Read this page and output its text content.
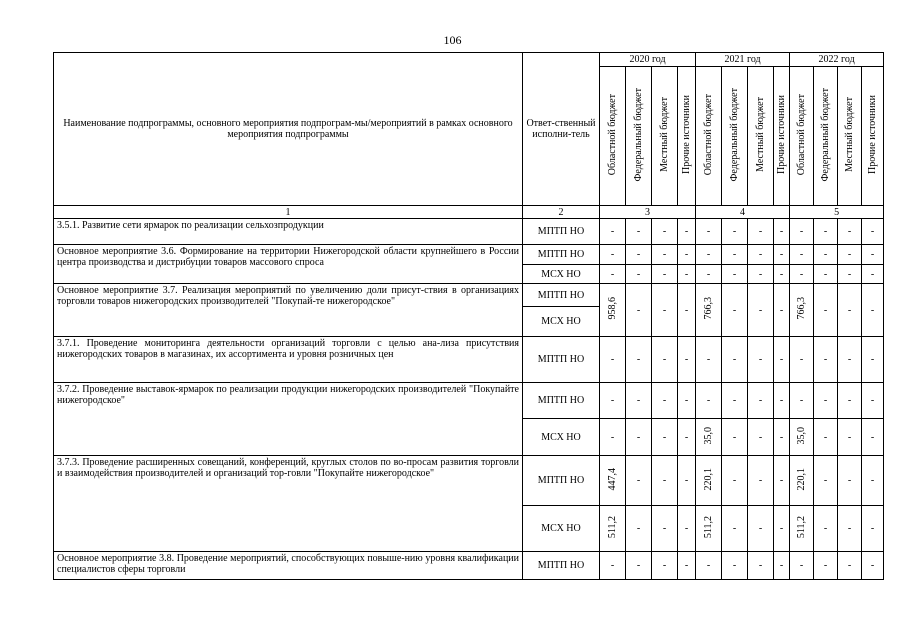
106
Наименование подпрограммы, основного мероприятия подпрограм-мы/мероприятий в рамках основного мероприятия подпрограммы	Ответ-ственный исполни-тель	2020 год				2021 год				2022 год			
		Областной бюджет	Федеральный бюджет	Местный бюджет	Прочие источники	Областной бюджет	Федеральный бюджет	Местный бюджет	Прочие источники	Областной бюджет	Федеральный бюджет	Местный бюджет	Прочие источники
1	2	3				4				5			
3.5.1. Развитие сети ярмарок по реализации сельхозпродукции	МПТП НО	-	-	-	-	-	-	-	-	-	-	-	-
Основное мероприятие 3.6. Формирование на территории Нижегородской области крупнейшего в России центра производства и дистрибуции товаров массового спроса	МПТП НО	-	-	-	-	-	-	-	-	-	-	-	-
	МСХ НО	-	-	-	-	-	-	-	-	-	-	-	-
Основное мероприятие 3.7. Реализация мероприятий по увеличению доли присут-ствия в организациях торговли товаров нижегородских производителей "Покупай-те нижегородское"	МПТП НО	958,6	-	-	-	766,3	-	-	-	766,3	-	-	-
	МСХ НО												
3.7.1. Проведение мониторинга деятельности организаций торговли с целью ана-лиза присутствия нижегородских товаров в магазинах, их ассортимента и уровня розничных цен	МПТП НО	-	-	-	-	-	-	-	-	-	-	-	-
3.7.2. Проведение выставок-ярмарок по реализации продукции нижегородских производителей "Покупайте нижегородское"	МПТП НО	-	-	-	-	-	-	-	-	-	-	-	-
	МСХ НО	-	-	-	-	35,0	-	-	-	35,0	-	-	-
3.7.3. Проведение расширенных совещаний, конференций, круглых столов по во-просам развития торговли и взаимодействия производителей и организаций тор-говли "Покупайте нижегородское"	МПТП НО	447,4	-	-	-	220,1	-	-	-	220,1	-	-	-
	МСХ НО	511,2	-	-	-	511,2	-	-	-	511,2	-	-	-
Основное мероприятие 3.8. Проведение мероприятий, способствующих повыше-нию уровня квалификации специалистов сферы торговли	МПТП НО	-	-	-	-	-	-	-	-	-	-	-	-
